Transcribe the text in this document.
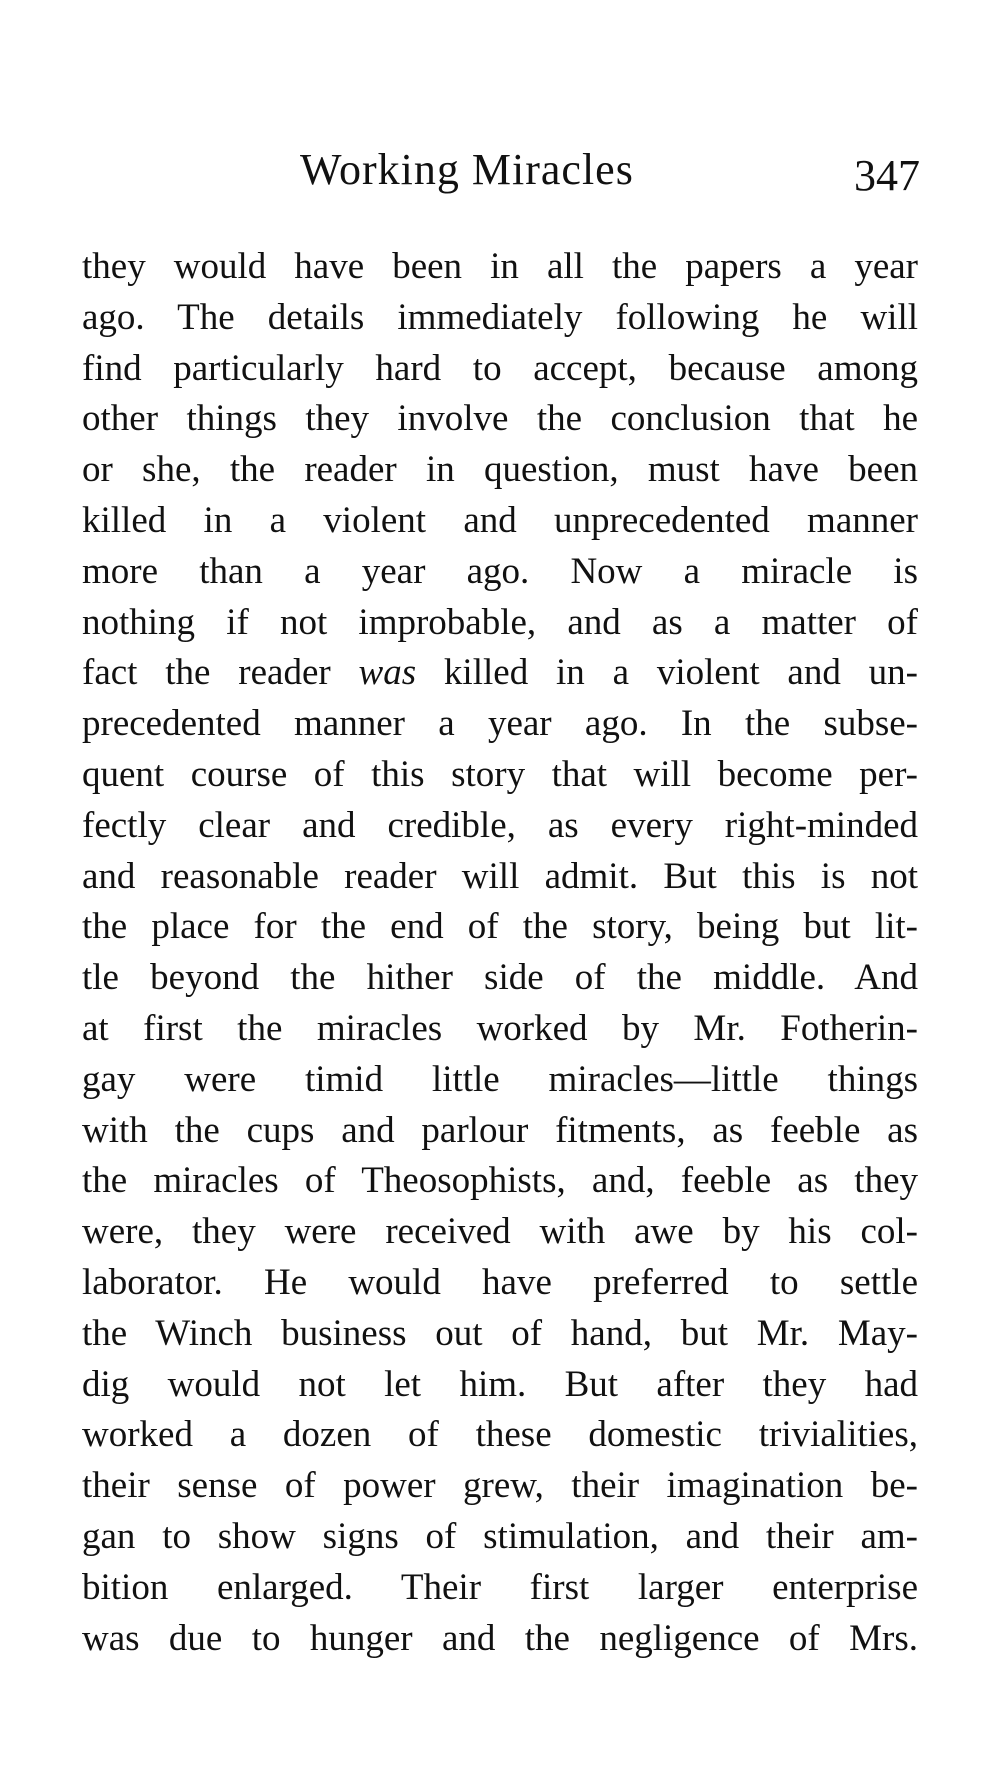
Working Miracles	347
they would have been in all the papers a year
ago. The details immediately following he will
find particularly hard to accept, because among
other things they involve the conclusion that he
or she, the reader in question, must have been
killed in a violent and unprecedented manner
more than a year ago. Now a miracle is
nothing if not improbable, and as a matter of
fact the reader was killed in a violent and un-
precedented manner a year ago. In the subse-
quent course of this story that will become per-
fectly clear and credible, as every right-minded
and reasonable reader will admit. But this is not
the place for the end of the story, being but lit-
tle beyond the hither side of the middle. And
at first the miracles worked by Mr. Fotherin-
gay were timid little miracles—little things
with the cups and parlour fitments, as feeble as
the miracles of Theosophists, and, feeble as they
were, they were received with awe by his col-
laborator. He would have preferred to settle
the Winch business out of hand, but Mr. May-
dig would not let him. But after they had
worked a dozen of these domestic trivialities,
their sense of power grew, their imagination be-
gan to show signs of stimulation, and their am-
bition enlarged. Their first larger enterprise
was due to hunger and the negligence of Mrs.
